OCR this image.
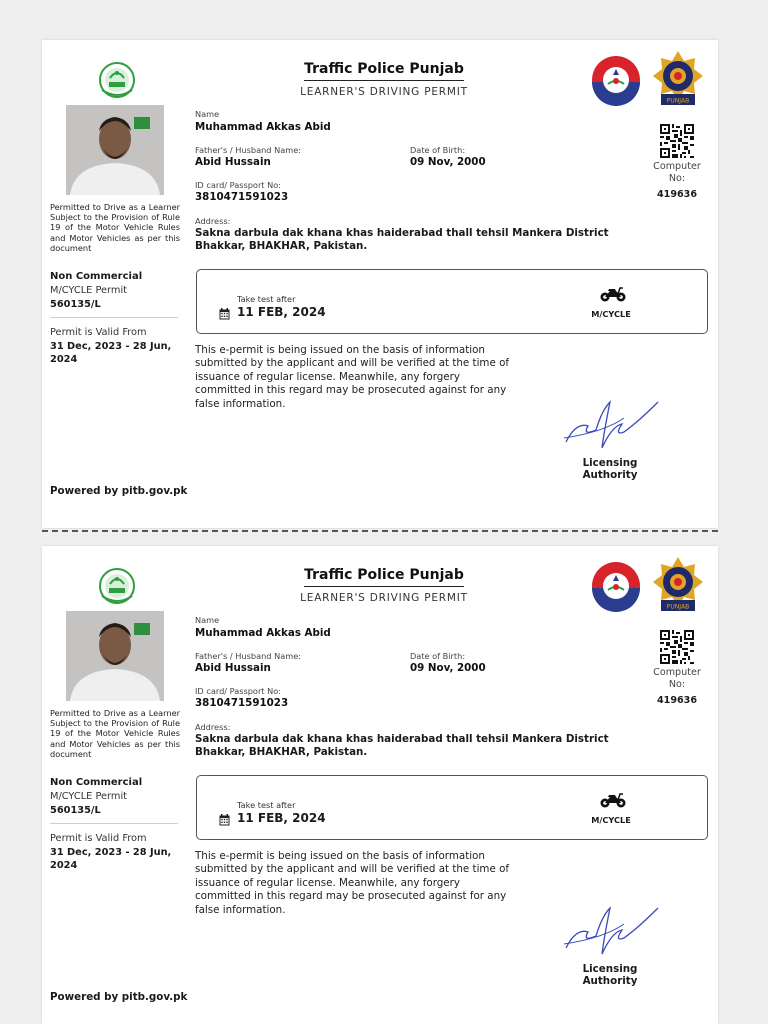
Traffic Police Punjab
LEARNER'S DRIVING PERMIT
PUNJAB
Permitted to Drive as a Learner Subject to the Provision of Rule 19 of the Motor Vehicle Rules and Motor Vehicles as per this document
Non Commercial
M/CYCLE Permit
560135/L
Permit is Valid From
31 Dec, 2023 - 28 Jun, 2024
Name
Muhammad Akkas Abid
Father's / Husband Name:
Abid Hussain
Date of Birth:
09 Nov, 2000
ID card/ Passport No:
3810471591023
Address:
Sakna darbula dak khana khas haiderabad thall tehsil Mankera District Bhakkar, BHAKHAR, Pakistan.
Computer No:
419636
Take test after
11 FEB, 2024	M/CYCLE
This e-permit is being issued on the basis of information submitted by the applicant and will be verified at the time of issuance of regular license. Meanwhile, any forgery committed in this regard may be prosecuted against for any false information.
Licensing Authority
Powered by pitb.gov.pk
Traffic Police Punjab
LEARNER'S DRIVING PERMIT
PUNJAB
Permitted to Drive as a Learner Subject to the Provision of Rule 19 of the Motor Vehicle Rules and Motor Vehicles as per this document
Non Commercial
M/CYCLE Permit
560135/L
Permit is Valid From
31 Dec, 2023 - 28 Jun, 2024
Name
Muhammad Akkas Abid
Father's / Husband Name:
Abid Hussain
Date of Birth:
09 Nov, 2000
ID card/ Passport No:
3810471591023
Address:
Sakna darbula dak khana khas haiderabad thall tehsil Mankera District Bhakkar, BHAKHAR, Pakistan.
Computer No:
419636
Take test after
11 FEB, 2024	M/CYCLE
This e-permit is being issued on the basis of information submitted by the applicant and will be verified at the time of issuance of regular license. Meanwhile, any forgery committed in this regard may be prosecuted against for any false information.
Licensing Authority
Powered by pitb.gov.pk
